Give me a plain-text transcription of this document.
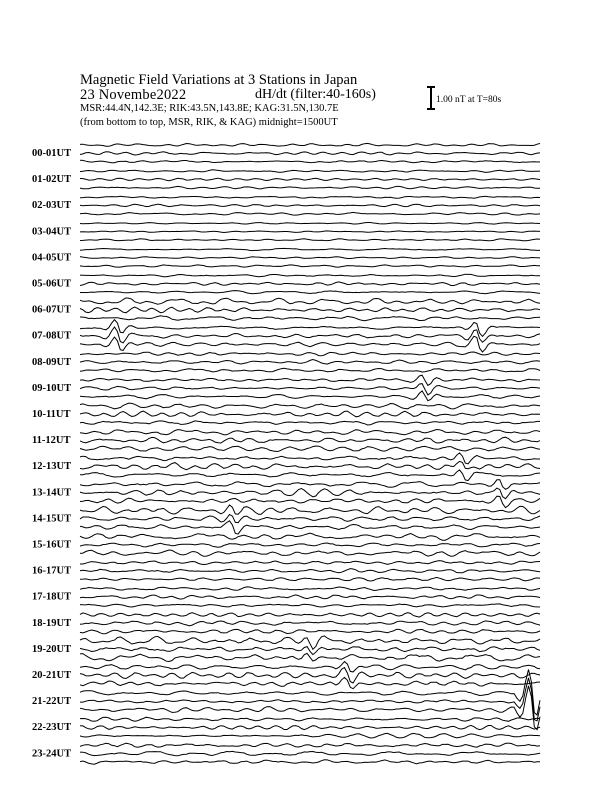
Magnetic Field Variations at 3 Stations in Japan
23 Novembe2022	dH/dt (filter:40-160s)
MSR:44.4N,142.3E; RIK:43.5N,143.8E; KAG:31.5N,130.7E
(from bottom to top, MSR, RIK, & KAG) midnight=1500UT
1.00 nT at T=80s
00-01UT
01-02UT
02-03UT
03-04UT
04-05UT
05-06UT
06-07UT
07-08UT
08-09UT
09-10UT
10-11UT
11-12UT
12-13UT
13-14UT
14-15UT
15-16UT
16-17UT
17-18UT
18-19UT
19-20UT
20-21UT
21-22UT
22-23UT
23-24UT
